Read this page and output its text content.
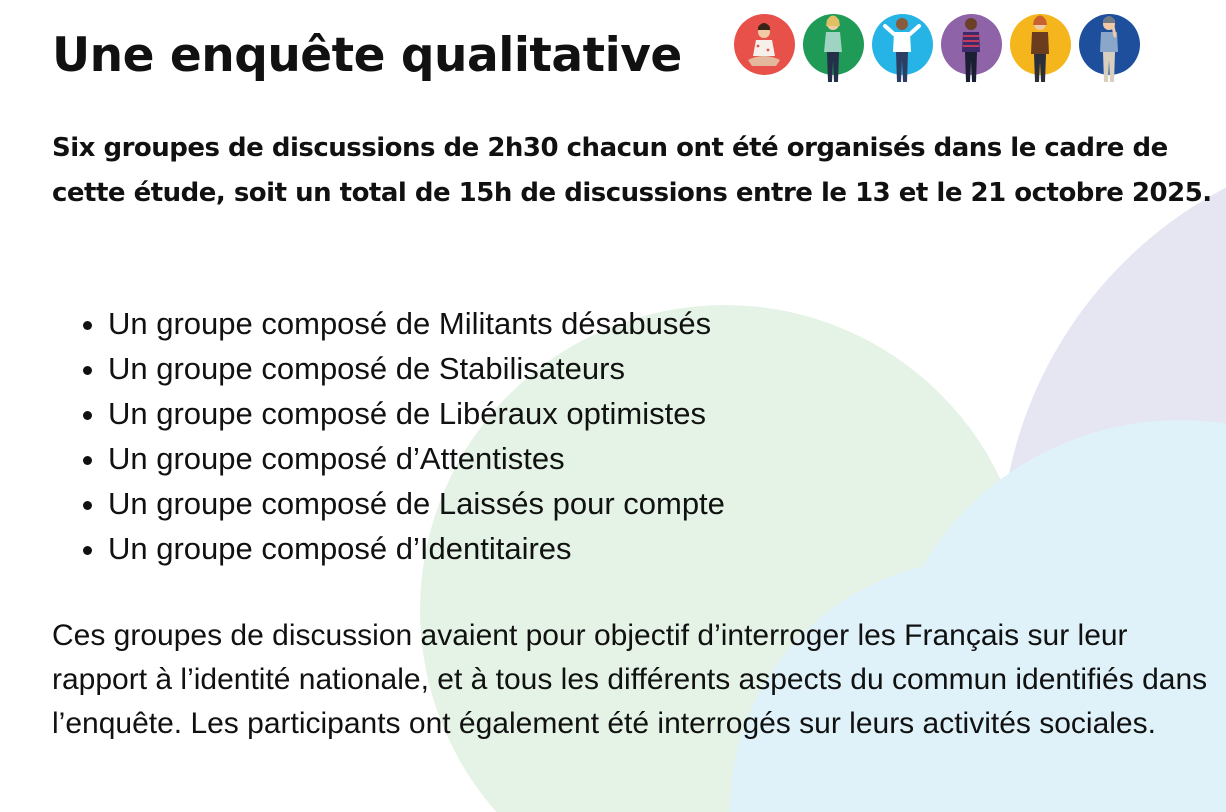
Une enquête qualitative

Six groupes de discussions de 2h30 chacun ont été organisés dans le cadre de cette étude, soit un total de 15h de discussions entre le 13 et le 21 octobre 2025.

• Un groupe composé de Militants désabusés
• Un groupe composé de Stabilisateurs
• Un groupe composé de Libéraux optimistes
• Un groupe composé d’Attentistes
• Un groupe composé de Laissés pour compte
• Un groupe composé d’Identitaires

Ces groupes de discussion avaient pour objectif d’interroger les Français sur leur rapport à l’identité nationale, et à tous les différents aspects du commun identifiés dans l’enquête. Les participants ont également été interrogés sur leurs activités sociales.
